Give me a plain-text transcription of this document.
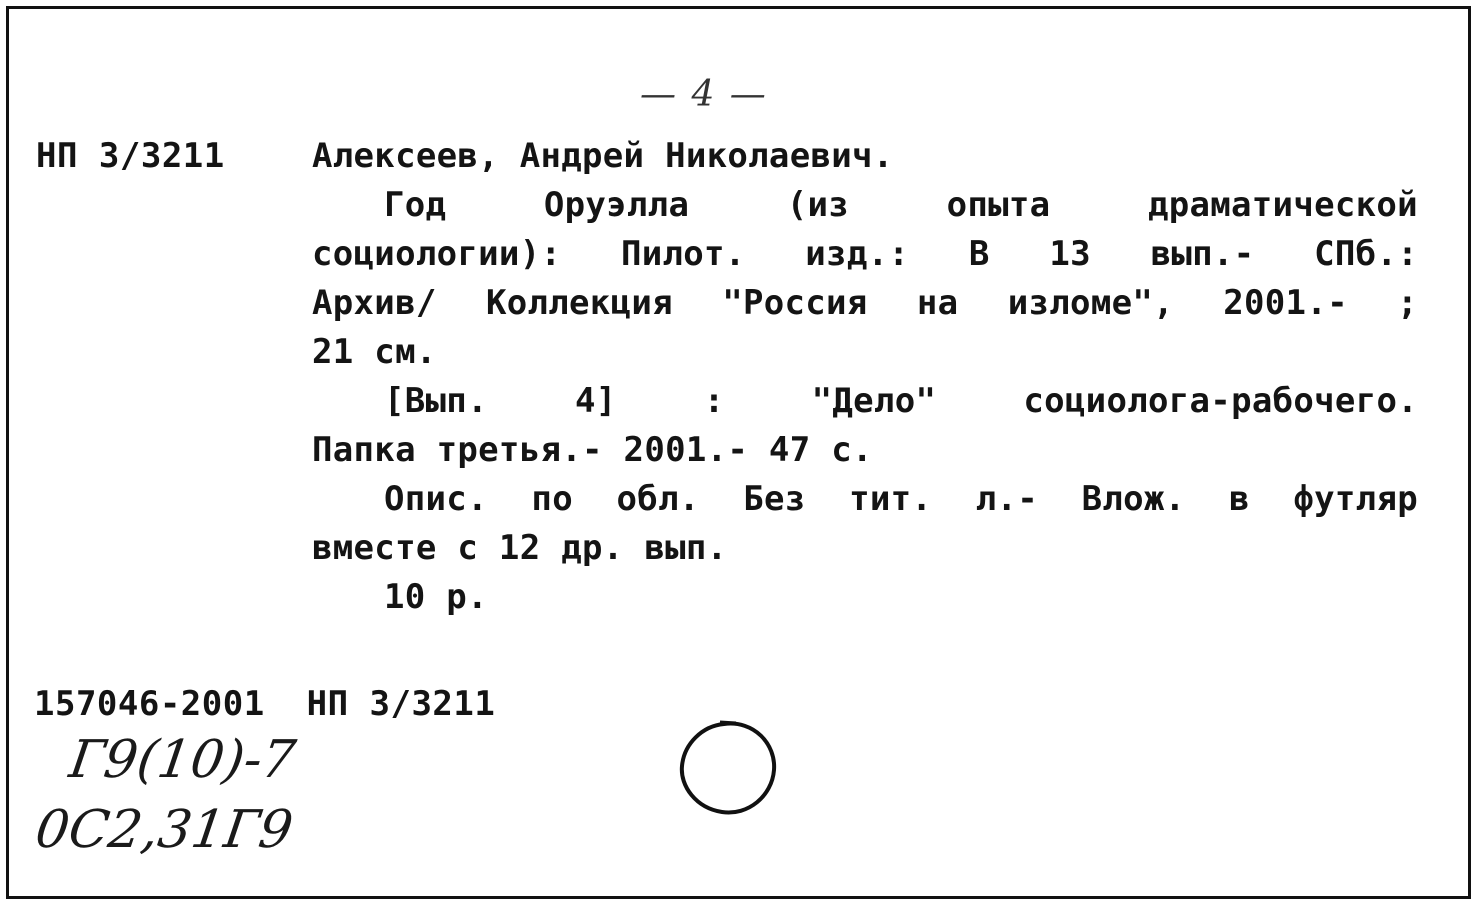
— 4 —
НП 3/3211	Алексеев, Андрей Николаевич.
Год	Оруэлла	(из	опыта	драматической
социологии): Пилот. изд.: В 13 вып.- СПб.:
Архив/ Коллекция "Россия на изломе", 2001.- ;
21 см.
[Вып.	4]	:	"Дело"	социолога-рабочего.
Папка третья.- 2001.- 47 с.
Опис. по обл. Без тит. л.- Влож. в футляр
вместе с 12 др. вып.
10 р.
157046-2001  НП 3/3211
Г9(10)-7
0С2,31Г9
